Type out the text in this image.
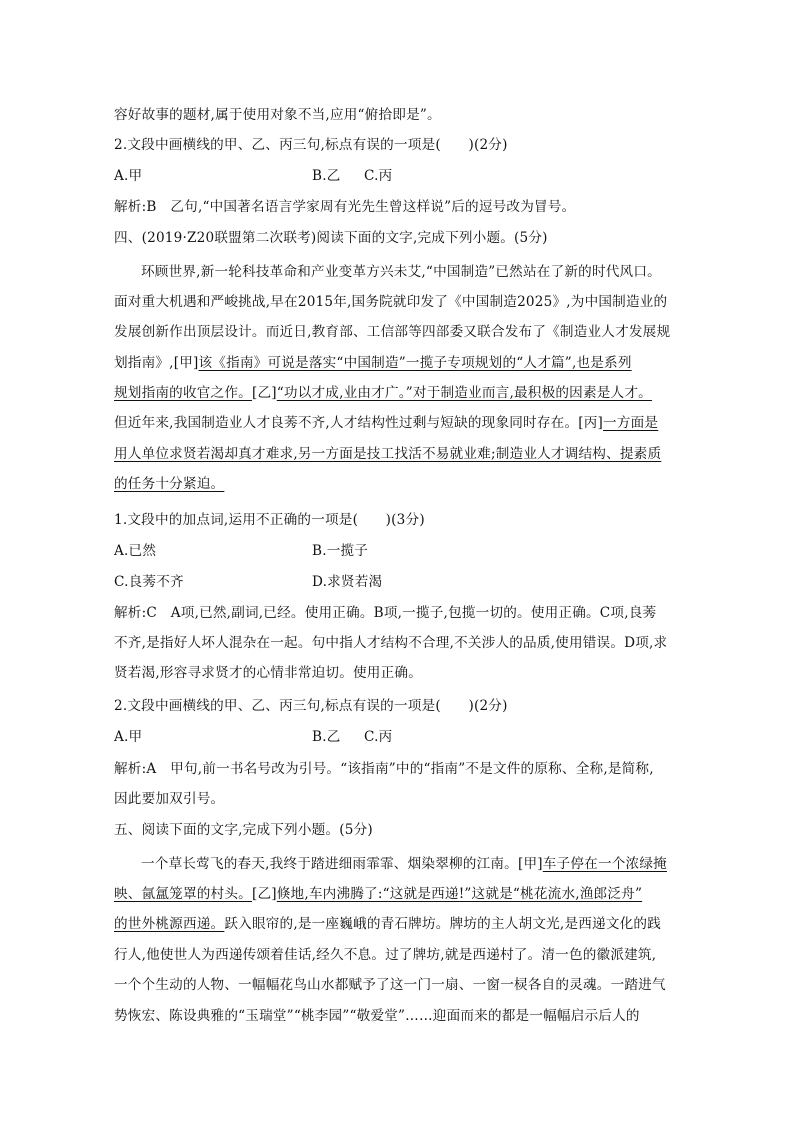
容好故事的题材,属于使用对象不当,应用“俯拾即是”。
2.文段中画横线的甲、乙、丙三句,标点有误的一项是(　　)(2分)
A.甲	B.乙 C.丙
解析:B　乙句,“中国著名语言学家周有光先生曾这样说”后的逗号改为冒号。
四、(2019·Z20联盟第二次联考)阅读下面的文字,完成下列小题。(5分)
环顾世界,新一轮科技革命和产业变革方兴未艾,“中国制造”已然站在了新的时代风口。
面对重大机遇和严峻挑战,早在2015年,国务院就印发了《中国制造2025》,为中国制造业的
发展创新作出顶层设计。而近日,教育部、工信部等四部委又联合发布了《制造业人才发展规
划指南》,[甲]该《指南》可说是落实“中国制造”一揽子专项规划的“人才篇”,也是系列
规划指南的收官之作。[乙]“功以才成,业由才广。”对于制造业而言,最积极的因素是人才。
但近年来,我国制造业人才良莠不齐,人才结构性过剩与短缺的现象同时存在。[丙]一方面是
用人单位求贤若渴却真才难求,另一方面是技工找活不易就业难;制造业人才调结构、提素质
的任务十分紧迫。
1.文段中的加点词,运用不正确的一项是(　　)(3分)
A.已然	B.一揽子
C.良莠不齐	D.求贤若渴
解析:C　A项,已然,副词,已经。使用正确。B项,一揽子,包揽一切的。使用正确。C项,良莠
不齐,是指好人坏人混杂在一起。句中指人才结构不合理,不关涉人的品质,使用错误。D项,求
贤若渴,形容寻求贤才的心情非常迫切。使用正确。
2.文段中画横线的甲、乙、丙三句,标点有误的一项是(　　)(2分)
A.甲	B.乙 C.丙
解析:A　甲句,前一书名号改为引号。“该指南”中的“指南”不是文件的原称、全称,是简称,
因此要加双引号。
五、阅读下面的文字,完成下列小题。(5分)
一个草长莺飞的春天,我终于踏进细雨霏霏、烟染翠柳的江南。[甲]车子停在一个浓绿掩
映、氤氲笼罩的村头。[乙]倏地,车内沸腾了:“这就是西递!”这就是“桃花流水,渔郎泛舟”
的世外桃源西递。跃入眼帘的,是一座巍峨的青石牌坊。牌坊的主人胡文光,是西递文化的践
行人,他使世人为西递传颂着佳话,经久不息。过了牌坊,就是西递村了。清一色的徽派建筑,
一个个生动的人物、一幅幅花鸟山水都赋予了这一门一扇、一窗一棂各自的灵魂。一踏进气
势恢宏、陈设典雅的“玉瑞堂”“桃李园”“敬爱堂”……迎面而来的都是一幅幅启示后人的
